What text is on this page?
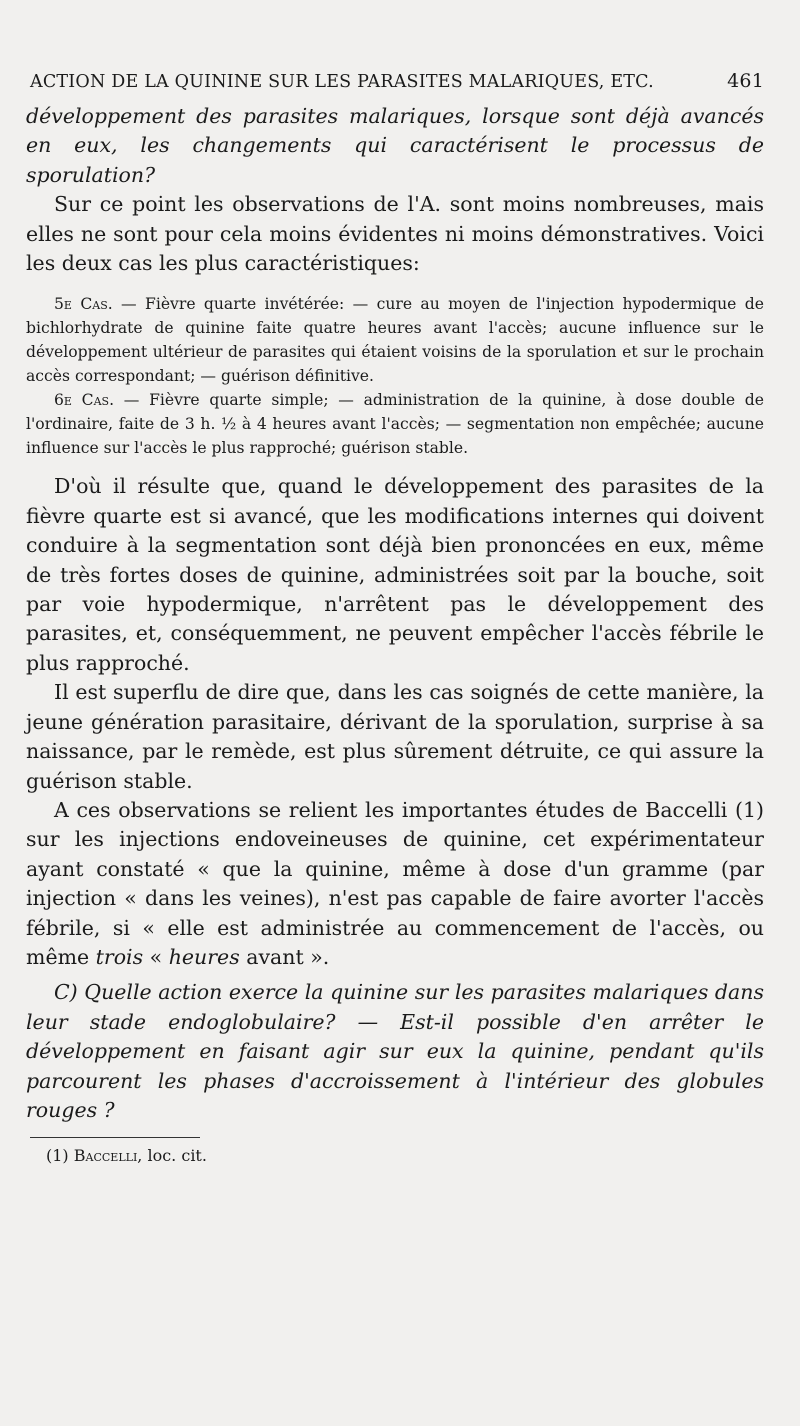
ACTION DE LA QUININE SUR LES PARASITES MALARIQUES, ETC.	461

développement des parasites malariques, lorsque sont déjà avancés en eux, les changements qui caractérisent le processus de sporulation?

Sur ce point les observations de l'A. sont moins nombreuses, mais elles ne sont pour cela moins évidentes ni moins démonstratives. Voici les deux cas les plus caractéristiques:

5e Cas. — Fièvre quarte invétérée: — cure au moyen de l'injection hypodermique de bichlorhydrate de quinine faite quatre heures avant l'accès; aucune influence sur le développement ultérieur de parasites qui étaient voisins de la sporulation et sur le prochain accès correspondant; — guérison définitive.

6e Cas. — Fièvre quarte simple; — administration de la quinine, à dose double de l'ordinaire, faite de 3 h. ½ à 4 heures avant l'accès; — segmentation non empêchée; aucune influence sur l'accès le plus rapproché; guérison stable.

D'où il résulte que, quand le développement des parasites de la fièvre quarte est si avancé, que les modifications internes qui doivent conduire à la segmentation sont déjà bien prononcées en eux, même de très fortes doses de quinine, administrées soit par la bouche, soit par voie hypodermique, n'arrêtent pas le développement des parasites, et, conséquemment, ne peuvent empêcher l'accès fébrile le plus rapproché.

Il est superflu de dire que, dans les cas soignés de cette manière, la jeune génération parasitaire, dérivant de la sporulation, surprise à sa naissance, par le remède, est plus sûrement détruite, ce qui assure la guérison stable.

A ces observations se relient les importantes études de Baccelli (1) sur les injections endoveineuses de quinine, cet expérimentateur ayant constaté « que la quinine, même à dose d'un gramme (par injection « dans les veines), n'est pas capable de faire avorter l'accès fébrile, si « elle est administrée au commencement de l'accès, ou même trois « heures avant ».

C) Quelle action exerce la quinine sur les parasites malariques dans leur stade endoglobulaire? — Est-il possible d'en arrêter le développement en faisant agir sur eux la quinine, pendant qu'ils parcourent les phases d'accroissement à l'intérieur des globules rouges ?

(1) Baccelli, loc. cit.
